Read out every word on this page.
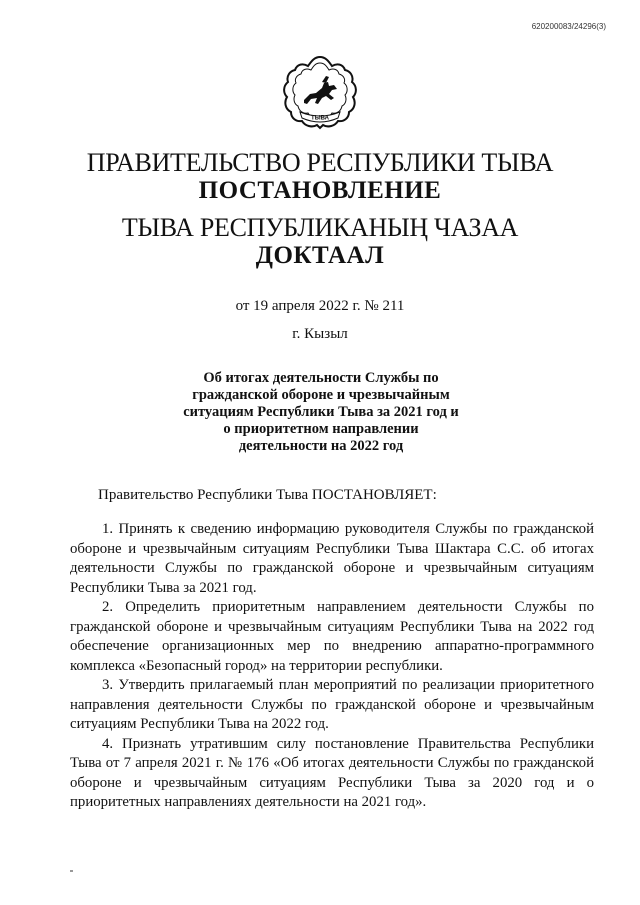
620200083/24296(3)
ТЫВА
ПРАВИТЕЛЬСТВО РЕСПУБЛИКИ ТЫВА
ПОСТАНОВЛЕНИЕ
ТЫВА РЕСПУБЛИКАНЫҢ ЧАЗАА
ДОКТААЛ
от 19 апреля 2022 г. № 211
г. Кызыл
Об итогах деятельности Службы по
гражданской обороне и чрезвычайным
ситуациям Республики Тыва за 2021 год и
о приоритетном направлении
деятельности на 2022 год
Правительство Республики Тыва ПОСТАНОВЛЯЕТ:

1. Принять к сведению информацию руководителя Службы по гражданской обороне и чрезвычайным ситуациям Республики Тыва Шактара С.С. об итогах деятельности Службы по гражданской обороне и чрезвычайным ситуациям Республики Тыва за 2021 год.

2. Определить приоритетным направлением деятельности Службы по гражданской обороне и чрезвычайным ситуациям Республики Тыва на 2022 год обеспечение организационных мер по внедрению аппаратно-программного комплекса «Безопасный город» на территории республики.

3. Утвердить прилагаемый план мероприятий по реализации приоритетного направления деятельности Службы по гражданской обороне и чрезвычайным ситуациям Республики Тыва на 2022 год.

4. Признать утратившим силу постановление Правительства Республики Тыва от 7 апреля 2021 г. № 176 «Об итогах деятельности Службы по гражданской обороне и чрезвычайным ситуациям Республики Тыва за 2020 год и о приоритетных направлениях деятельности на 2021 год».
